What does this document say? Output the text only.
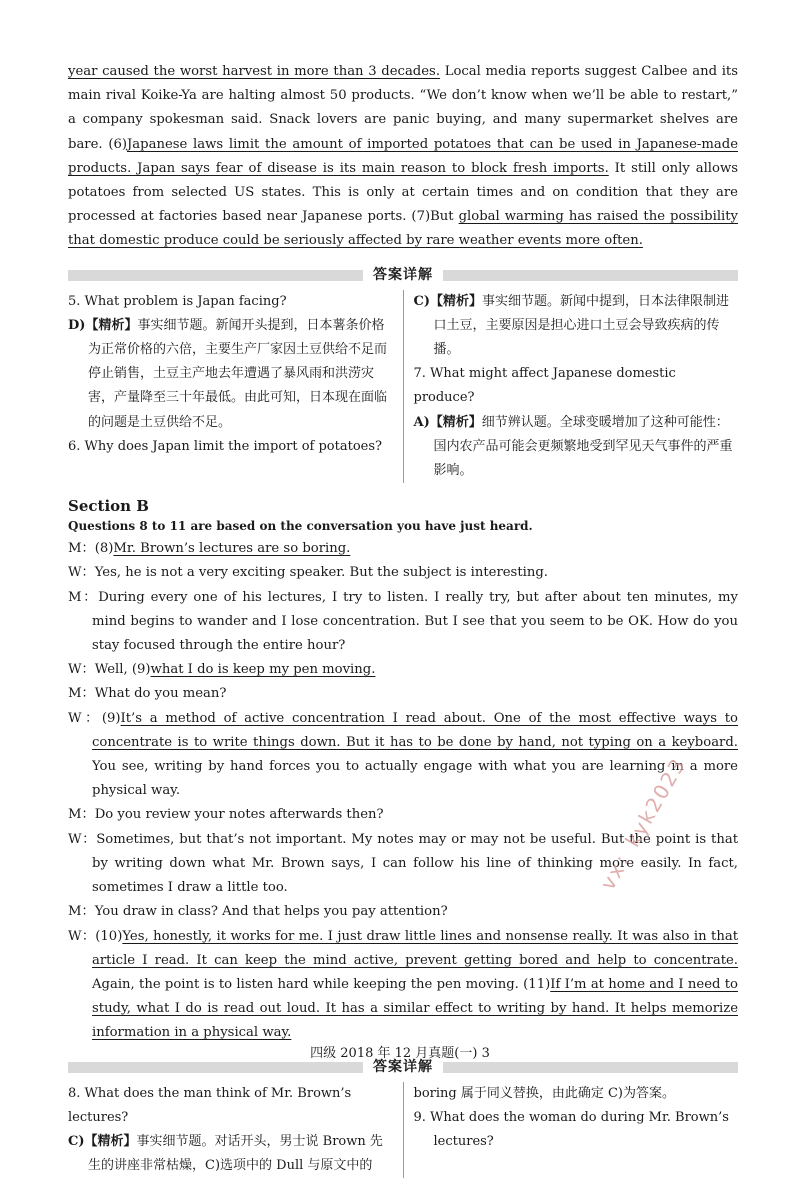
year caused the worst harvest in more than 3 decades. Local media reports suggest Calbee and its main rival Koike-Ya are halting almost 50 products. “We don’t know when we’ll be able to restart,” a company spokesman said. Snack lovers are panic buying, and many supermarket shelves are bare. (6)Japanese laws limit the amount of imported potatoes that can be used in Japanese-made products. Japan says fear of disease is its main reason to block fresh imports. It still only allows potatoes from selected US states. This is only at certain times and on condition that they are processed at factories based near Japanese ports. (7)But global warming has raised the possibility that domestic produce could be seriously affected by rare weather events more often.

答案详解

5. What problem is Japan facing?

D)【精析】事实细节题。新闻开头提到，日本薯条价格为正常价格的六倍，主要生产厂家因土豆供给不足而停止销售，土豆主产地去年遭遇了暴风雨和洪涝灾害，产量降至三十年最低。由此可知，日本现在面临的问题是土豆供给不足。

6. Why does Japan limit the import of potatoes?

C)【精析】事实细节题。新闻中提到，日本法律限制进口土豆，主要原因是担心进口土豆会导致疾病的传播。

7. What might affect Japanese domestic produce?

A)【精析】细节辨认题。全球变暖增加了这种可能性：国内农产品可能会更频繁地受到罕见天气事件的严重影响。

Section B
Questions 8 to 11 are based on the conversation you have just heard.

M：(8)Mr. Brown’s lectures are so boring.

W：Yes, he is not a very exciting speaker. But the subject is interesting.

M：During every one of his lectures, I try to listen. I really try, but after about ten minutes, my mind begins to wander and I lose concentration. But I see that you seem to be OK. How do you stay focused through the entire hour?

W：Well, (9)what I do is keep my pen moving.

M：What do you mean?

W：(9)It’s a method of active concentration I read about. One of the most effective ways to concentrate is to write things down. But it has to be done by hand, not typing on a keyboard. You see, writing by hand forces you to actually engage with what you are learning in a more physical way.

M：Do you review your notes afterwards then?

W：Sometimes, but that’s not important. My notes may or may not be useful. But the point is that by writing down what Mr. Brown says, I can follow his line of thinking more easily. In fact, sometimes I draw a little too.

M：You draw in class? And that helps you pay attention?

W：(10)Yes, honestly, it works for me. I just draw little lines and nonsense really. It was also in that article I read. It can keep the mind active, prevent getting bored and help to concentrate. Again, the point is to listen hard while keeping the pen moving. (11)If I’m at home and I need to study, what I do is read out loud. It has a similar effect to writing by hand. It helps memorize information in a physical way.

答案详解

8. What does the man think of Mr. Brown’s lectures?

C)【精析】事实细节题。对话开头，男士说 Brown 先生的讲座非常枯燥，C)选项中的 Dull 与原文中的

boring 属于同义替换，由此确定 C)为答案。

9. What does the woman do during Mr. Brown’s lectures?

四级 2018 年 12 月真题(一) 3
vx：kyk2023
